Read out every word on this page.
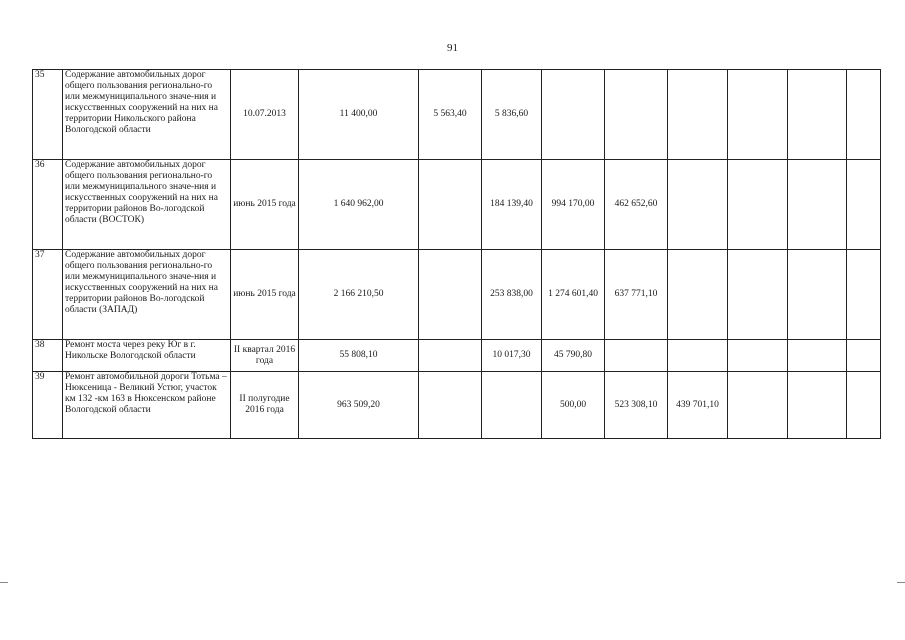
91
35	Содержание автомобильных дорог общего пользования регионально-го или межмуниципального значе-ния и искусственных сооружений на них на территории Никольского района Вологодской области	10.07.2013	11 400,00	5 563,40	5 836,60						
36	Содержание автомобильных дорог общего пользования регионально-го или межмуниципального значе-ния и искусственных сооружений на них на территории районов Во-логодской области (ВОСТОК)	июнь 2015 года	1 640 962,00		184 139,40	994 170,00	462 652,60				
37	Содержание автомобильных дорог общего пользования регионально-го или межмуниципального значе-ния и искусственных сооружений на них на территории районов Во-логодской области (ЗАПАД)	июнь 2015 года	2 166 210,50		253 838,00	1 274 601,40	637 771,10				
38	Ремонт моста через реку Юг в г. Никольске Вологодской области	II квартал 2016 года	55 808,10		10 017,30	45 790,80					
39	Ремонт автомобильной дороги Тотьма – Нюксеница - Великий Устюг, участок км 132 -км 163 в Нюксенском районе Вологодской области	II полугодие 2016 года	963 509,20			500,00	523 308,10	439 701,10			
